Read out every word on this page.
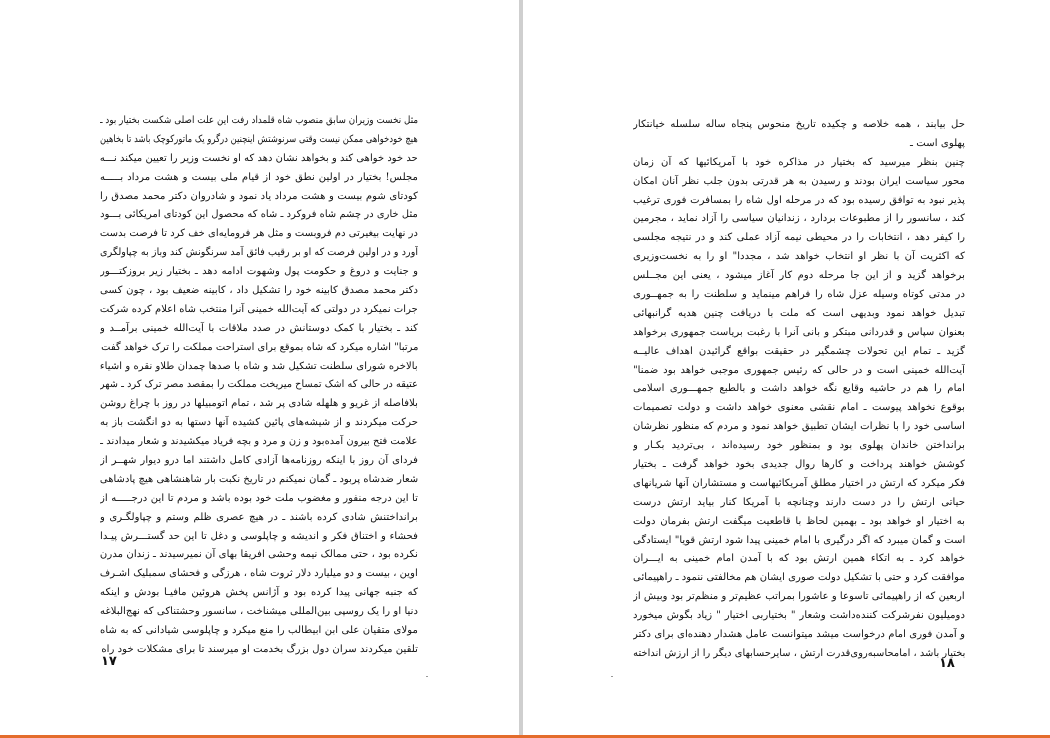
مثل نخست وزیران سابق منصوب شاه قلمداد رفت این علت اصلی شکست بختیار بود ـ
هیچ خودخواهی ممکن نیست وقتی سرنوشتش اینچنین درگرو یک ماتورکوچک باشد تا بخاهین
حد خود خواهی کند و بخواهد نشان دهد که او نخست وزیر را تعیین میکند نـــه
مجلس! بختیار در اولین نطق خود از قیام ملی بیست و هشت مرداد بـــــه
کودتای شوم بیست و هشت مرداد یاد نمود و شادروان دکتر محمد مصدق را
مثل خاری در چشم شاه فروکرد ـ شاه که محصول این کودتای امریکائی بـــود
در نهایت بیغیرتی دم فروبست و مثل هر فرومایه‌ای خف کرد تا فرصت بدست
آورد و در اولین فرصت که او بر رقیب فائق آمد سرنگونش کند وباز به چپاولگری
و جنایت و دروغ و حکومت پول وشهوت ادامه دهد ـ بختیار زیر بروزکتـــور
دکتر محمد مصدق کابینه خود را تشکیل داد ، کابینه ضعیف بود ، چون کسی
جرات نمیکرد در دولتی که آیت‌الله خمینی آنرا منتخب شاه اعلام کرده شرکت
کند ـ بختیار با کمک دوستانش در صدد ملاقات با آیت‌الله خمینی برآمــد و
مرتبا" اشاره میکرد که شاه بموقع برای استراحت مملکت را ترک خواهد گفت
بالاخره شورای سلطنت تشکیل شد و شاه با صدها چمدان طلاو نقره و اشیاء
عتیقه در حالی که اشک تمساح میریخت مملکت را بمقصد مصر ترک کرد ـ شهر
بلافاصله از غریو و هلهله شادی پر شد ، تمام اتومبیلها در روز با چراغ روشن
حرکت میکردند و از شیشه‌های پائین کشیده آنها دستها به دو انگشت باز به
علامت فتح بیرون آمده‌بود و زن و مرد و بچه فریاد میکشیدند و شعار میدادند ـ
فردای آن روز با اینکه روزنامه‌ها آزادی کامل داشتند اما درو دیوار شهــر از
شعار ضدشاه پربود ـ گمان نمیکنم در تاریخ نکبت بار شاهنشاهی هیچ پادشاهی
تا این درجه منفور و مغضوب ملت خود بوده باشد و مردم تا این درجـــــه از
برانداختنش شادی کرده باشند ـ در هیچ عصری ظلم وستم و چپاولگـری و
فحشاء و اختناق فکر و اندیشه و چاپلوسی و دغل تا این حد گستـــرش پیـدا
نکرده بود ، حتی ممالک نیمه وحشی افریقا بهای آن نمیرسیدند ـ زندان مدرن
اوین ، بیست و دو میلیارد دلار ثروت شاه ، هرزگی و فحشای سمبلیک اشـرف
که جنبه جهانی پیدا کرده بود و آژانس پخش هروئین مافیـا بودش و اینکه
دنیا او را یک روسپی بین‌المللی میشناخت ، سانسور وحشتناکی که نهج‌البلاغه
مولای متقیان علی ابن ابیطالب را منع میکرد و چاپلوسی شیادانی که به شاه
تلقین میکردند سران دول بزرگ بخدمت او میرسند تا برای مشکلات خود راه
۱۷
حل بیابند ، همه خلاصه و چکیده تاریخ منحوس پنجاه ساله سلسله خیانتکار
پهلوی است ـ
چنین بنظر میرسید که بختیار در مذاکره خود با آمریکائیها که آن زمان
محور سیاست ایران بودند و رسیدن به هر قدرتی بدون جلب نظر آنان امکان
پذیر نبود به توافق رسیده بود که در مرحله اول شاه را بمسافرت فوری ترغیب
کند ، سانسور را از مطبوعات بردارد ، زندانیان سیاسی را آزاد نماید ، مجرمین
را کیفر دهد ، انتخابات را در محیطی نیمه آزاد عملی کند و در نتیجه مجلسی
که اکثریت آن با نظر او انتخاب خواهد شد ، مجددا" او را به نخست‌وزیری
برخواهد گزید و از این جا مرحله دوم کار آغاز میشود ، یعنی این مجــلس
در مدتی کوتاه وسیله عزل شاه را فراهم مینماید و سلطنت را به جمهــوری
تبدیل خواهد نمود وبدیهی است که ملت با دریافت چنین هدیه گرانبهائی
بعنوان سپاس و قدردانی مبتکر و بانی آنرا با رغبت بریاست جمهوری برخواهد
گزید ـ تمام این تحولات چشمگیر در حقیقت بواقع گرائیدن اهداف عالیــه
آیت‌الله خمینی است و در حالی که رئیس جمهوری موجبی خواهد بود ضمنا"
امام را هم در حاشیه وقایع نگه خواهد داشت و بالطبع جمهـــوری اسلامی
بوقوع نخواهد پیوست ـ امام نقشی معنوی خواهد داشت و دولت تصمیمات
اساسی خود را با نظرات ایشان تطبیق خواهد نمود و مردم که منظور نظرشان
برانداختن خاندان پهلوی بود و بمنظور خود رسیده‌اند ، بی‌تردید بکـار و
کوشش خواهند پرداخت و کارها روال جدیدی بخود خواهد گرفت ـ بختیار
فکر میکرد که ارتش در اختیار مطلق آمریکائیهاست و مستشاران آنها شریانهای
حیاتی ارتش را در دست دارند وچنانچه با آمریکا کنار بیاید ارتش درست
به اختیار او خواهد بود ـ بهمین لحاظ با قاطعیت میگفت ارتش بفرمان دولت
است و گمان میبرد که اگر درگیری با امام خمینی پیدا شود ارتش قویا" ایستادگی
خواهد کرد ـ به اتکاء همین ارتش بود که با آمدن امام خمینی به ایـــران
موافقت کرد و حتی با تشکیل دولت صوری ایشان هم مخالفتی ننمود ـ راهپیمائی
اربعین که از راهپیمائی تاسوعا و عاشورا بمراتب عظیم‌تر و منظم‌تر بود وبیش از
دومیلیون نفرشرکت کننده‌داشت وشعار " بختیاربی اختیار " زیاد بگوش میخورد
و آمدن فوری امام درخواست میشد میتوانست عامل هشدار دهنده‌ای برای دکتر
بختیار باشد ، امامحاسبه‌روی‌قدرت ارتش ، سایرحسابهای دیگر را از ارزش انداخته
۱۸
